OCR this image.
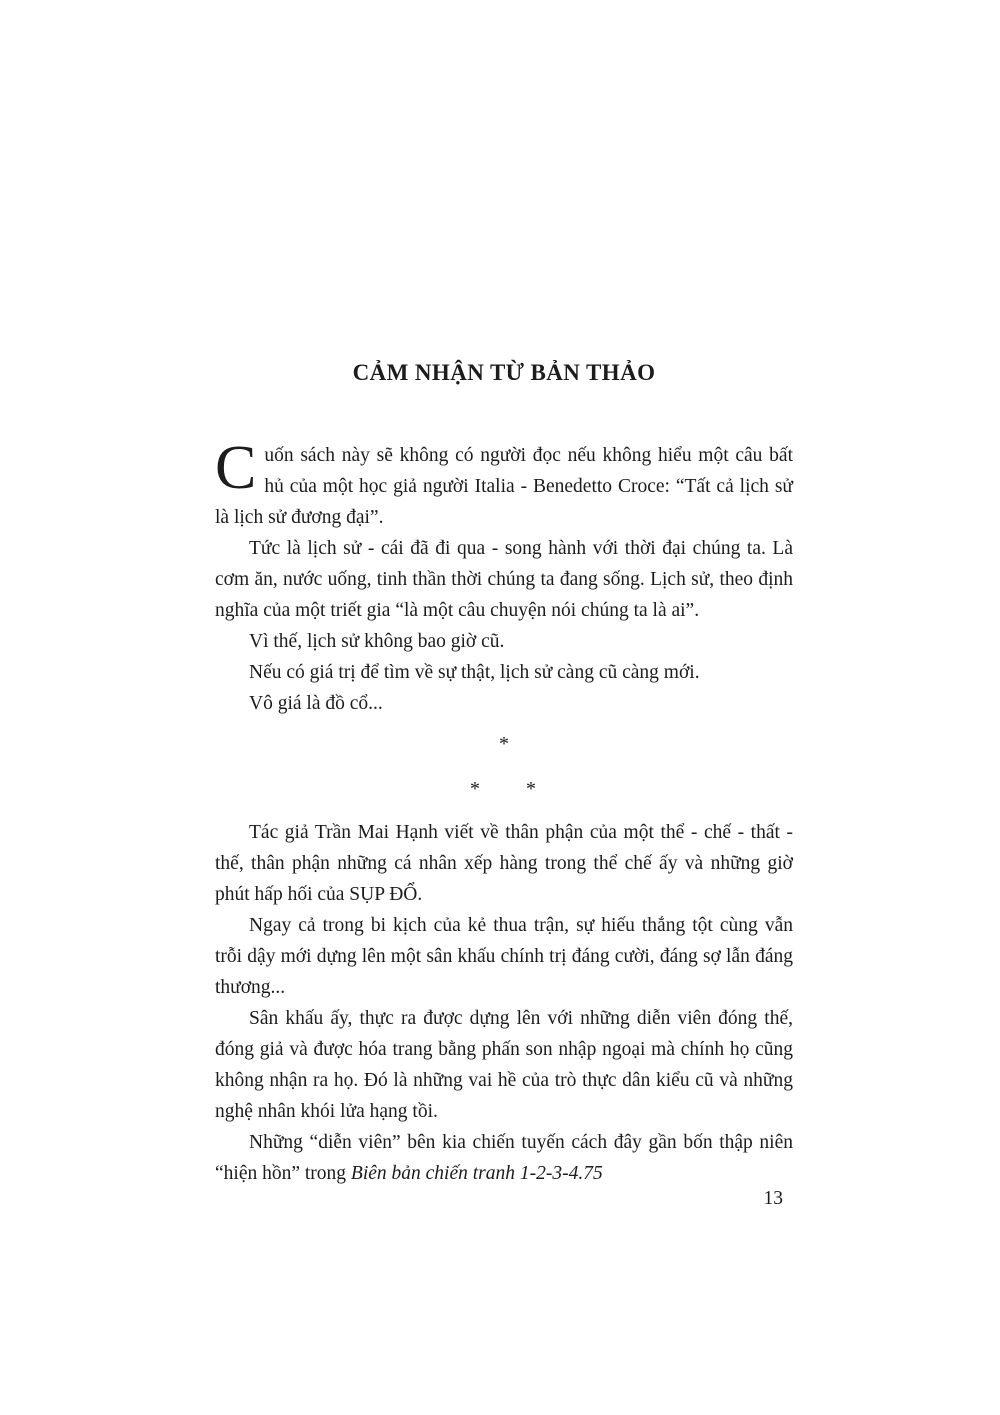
CẢM NHẬN TỪ BẢN THẢO

Cuốn sách này sẽ không có người đọc nếu không hiểu một câu bất hủ của một học giả người Italia - Benedetto Croce: “Tất cả lịch sử là lịch sử đương đại”.

Tức là lịch sử - cái đã đi qua - song hành với thời đại chúng ta. Là cơm ăn, nước uống, tinh thần thời chúng ta đang sống. Lịch sử, theo định nghĩa của một triết gia “là một câu chuyện nói chúng ta là ai”.

Vì thế, lịch sử không bao giờ cũ.

Nếu có giá trị để tìm về sự thật, lịch sử càng cũ càng mới.

Vô giá là đồ cổ...

*
*  *

Tác giả Trần Mai Hạnh viết về thân phận của một thể - chế - thất - thế, thân phận những cá nhân xếp hàng trong thể chế ấy và những giờ phút hấp hối của SỤP ĐỔ.

Ngay cả trong bi kịch của kẻ thua trận, sự hiếu thắng tột cùng vẫn trỗi dậy mới dựng lên một sân khấu chính trị đáng cười, đáng sợ lẫn đáng thương...

Sân khấu ấy, thực ra được dựng lên với những diễn viên đóng thế, đóng giả và được hóa trang bằng phấn son nhập ngoại mà chính họ cũng không nhận ra họ. Đó là những vai hề của trò thực dân kiểu cũ và những nghệ nhân khói lửa hạng tồi.

Những “diễn viên” bên kia chiến tuyến cách đây gần bốn thập niên “hiện hồn” trong Biên bản chiến tranh 1-2-3-4.75

13
